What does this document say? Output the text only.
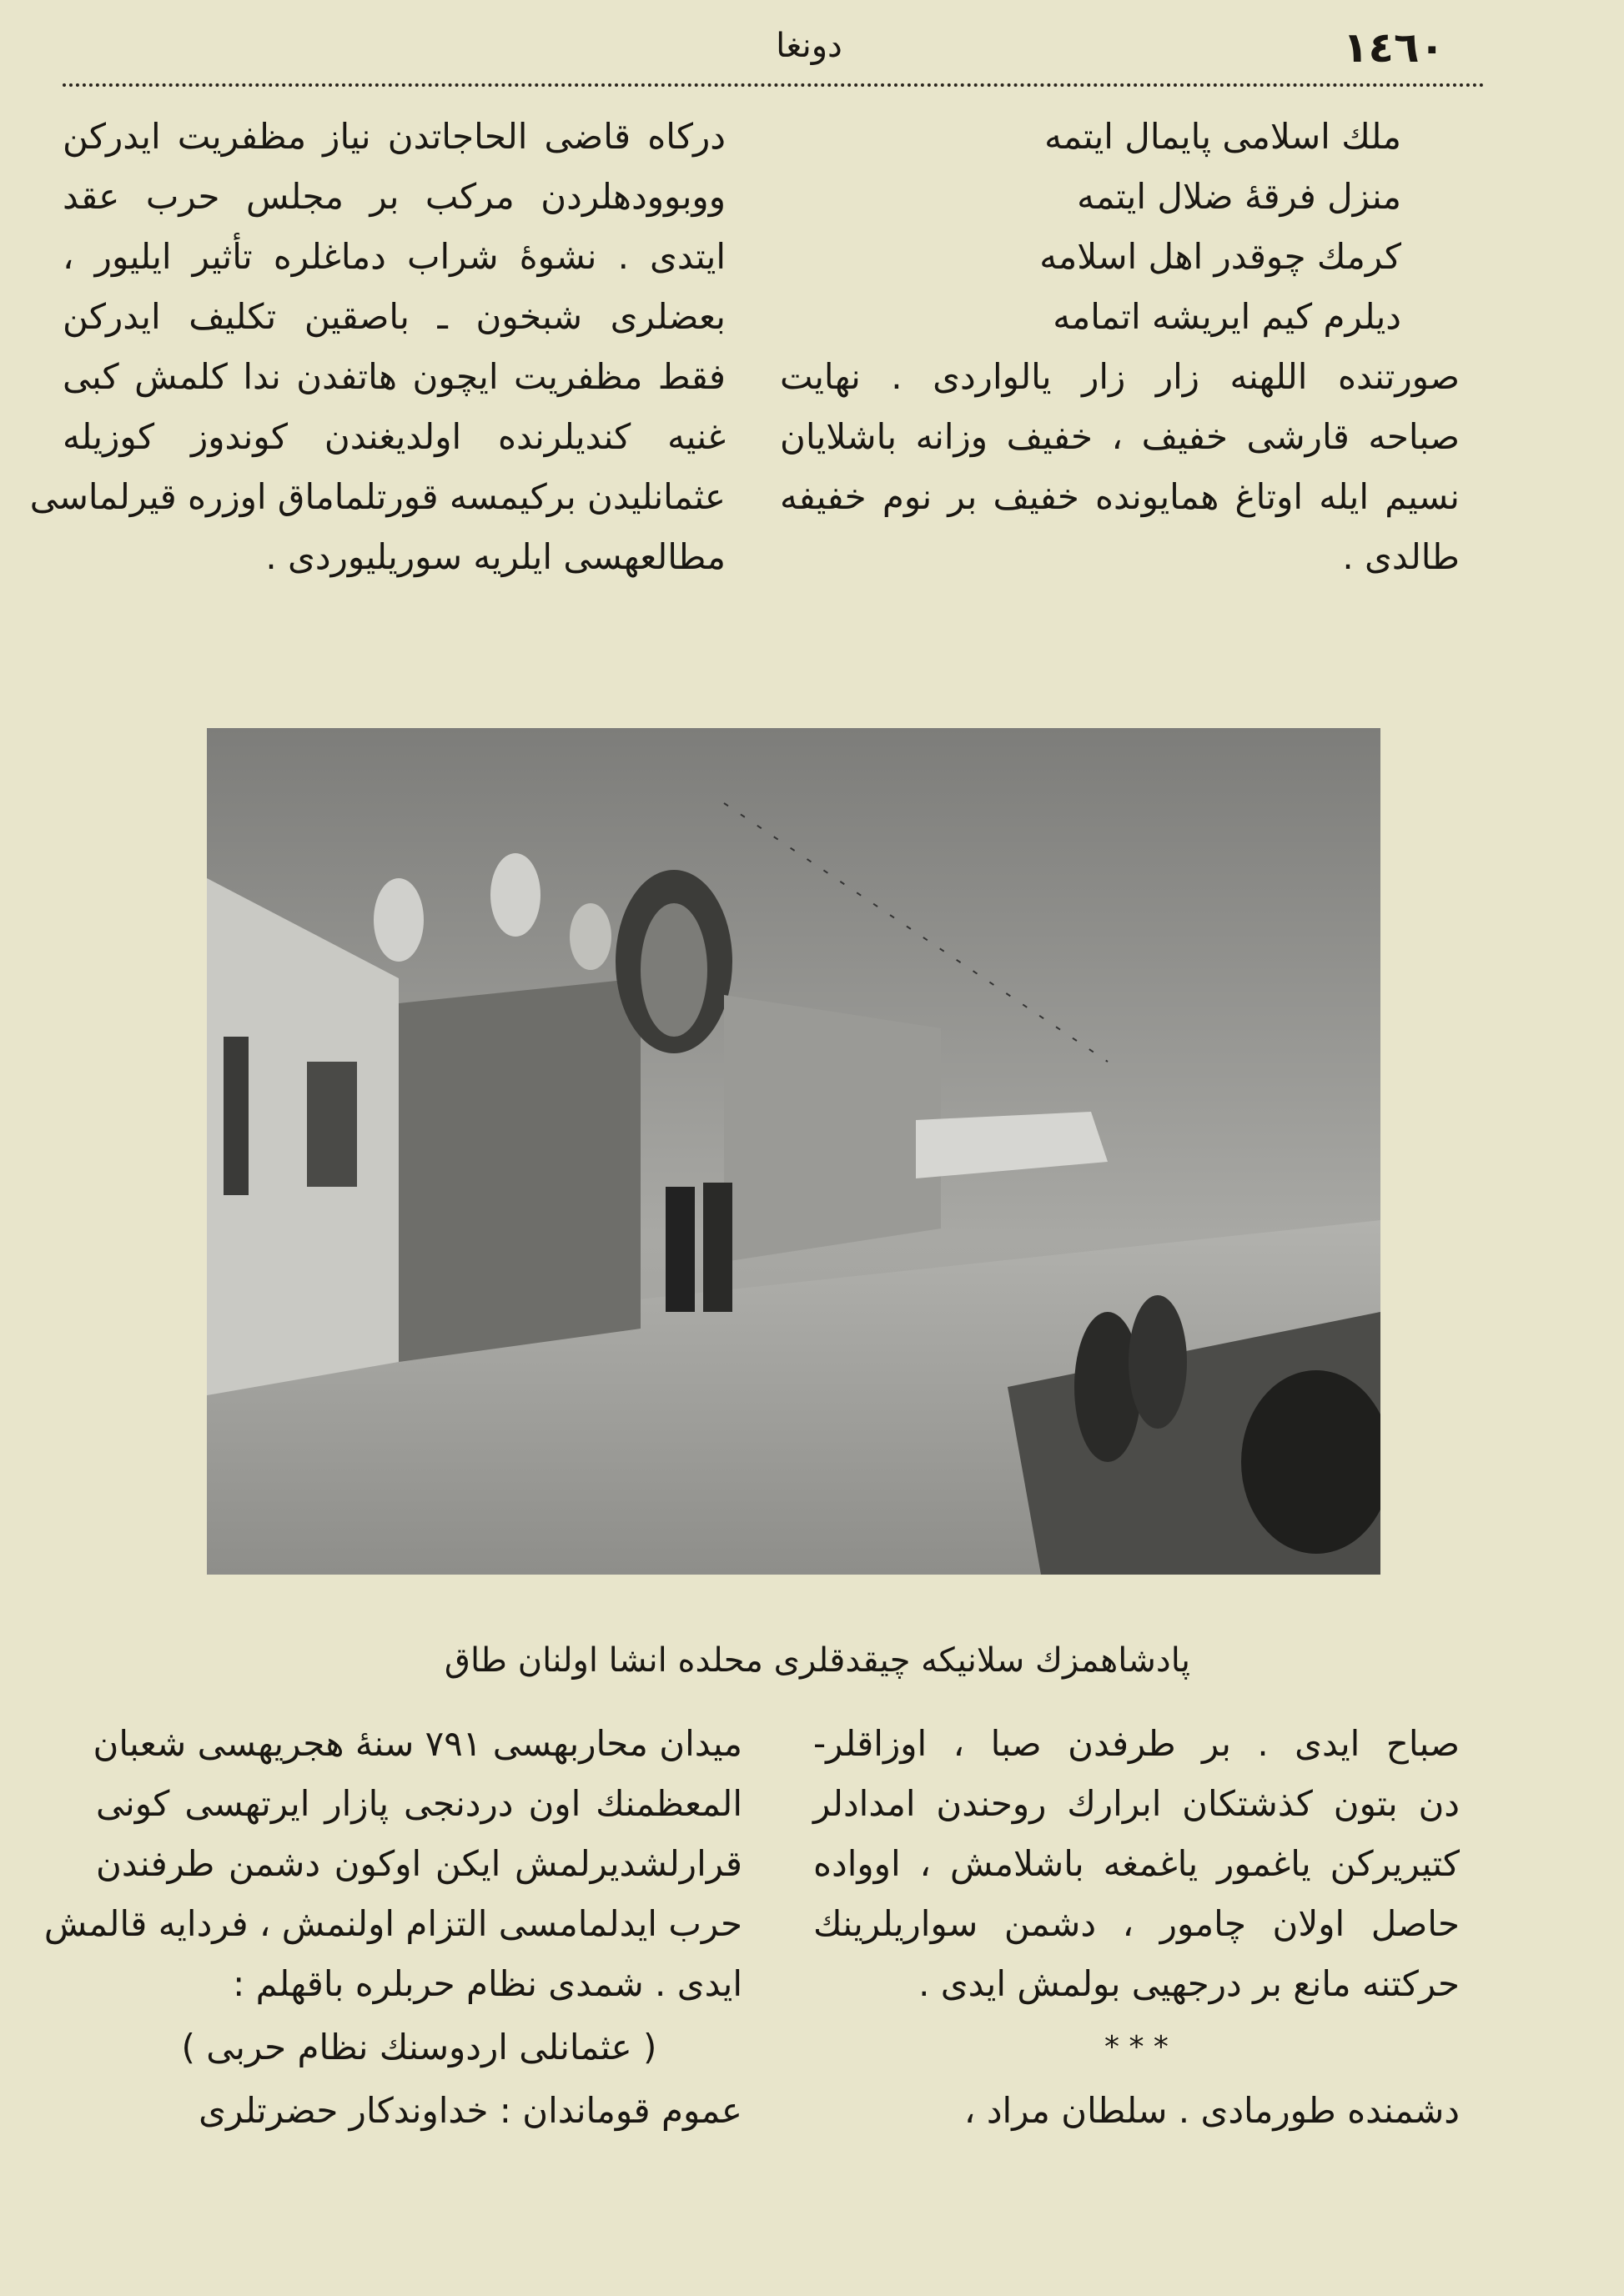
١٤٦٠
دونغا
ملك اسلامی پایمال ایتمه
منزل فرقهٔ ضلال ایتمه
کرمك چوقدر اهل اسلامه
دیلرم کیم ایریشه اتمامه
صورتنده اللهنه زار زار یالواردی . نهایت
صباحه قارشی خفیف ، خفیف وزانه باشلایان
نسیم ایله اوتاغ همایونده خفیف بر نوم خفیفه
طالدی .
درکاه قاضی الحاجاتدن نیاز مظفریت ایدرکن
ووبوودهلردن مرکب بر مجلس حرب عقد
ایتدی . نشوهٔ شراب دماغلره تأثیر ایلیور ،
بعضلری شبخون ـ باصقین تکلیف ایدرکن
فقط مظفریت ایچون هاتفدن ندا کلمش کبی
غنیه کندیلرنده اولدیغندن کوندوز کوزیله
عثمانلیدن برکیمسه قورتلماماق اوزره قیرلماسی
مطالعهسی ایلریه سوریلیوردی .
پادشاهمزك سلانیكه چیقدقلری محلده انشا اولنان طاق
صباح ایدی . بر طرفدن صبا ، اوزاقلر-
دن بتون کذشتکان ابرارك روحندن امدادلر
کتیریرکن یاغمور یاغمغه باشلامش ، اوواده
حاصل اولان چامور ، دشمن سواریلرینك
حرکتنه مانع بر درجهیی بولمش ایدی .
* * *
دشمنده طورمادی . سلطان مراد ،
میدان محاربهسی ٧٩١ سنهٔ هجریهسی شعبان
المعظمنك اون دردنجی پازار ایرتهسی کونی
قرارلشدیرلمش ایکن اوکون دشمن طرفندن
حرب ایدلمامسی التزام اولنمش ، فردایه قالمش
ایدی . شمدی نظام حربلره باقهلم :
( عثمانلی اردوسنك نظام حربی )
عموم قوماندان : خداوندکار حضرتلری
